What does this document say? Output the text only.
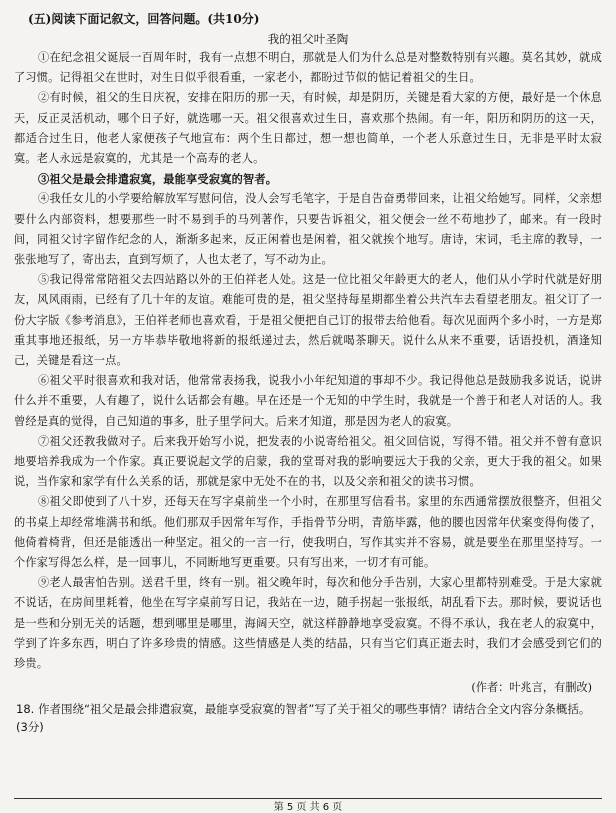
(五)阅读下面记叙文，回答问题。(共10分)
我的祖父叶圣陶

①在纪念祖父诞辰一百周年时，我有一点想不明白，那就是人们为什么总是对整数特别有兴趣。莫名其妙，就成了习惯。记得祖父在世时，对生日似乎很看重，一家老小，都盼过节似的惦记着祖父的生日。

②有时候，祖父的生日庆祝，安排在阳历的那一天，有时候，却是阴历，关键是看大家的方便，最好是一个休息天，反正灵活机动，哪个日子好，就选哪一天。祖父很喜欢过生日，喜欢那个热闹。有一年，阳历和阴历的这一天，都适合过生日，他老人家便孩子气地宣布：两个生日都过，想一想也简单，一个老人乐意过生日，无非是平时太寂寞。老人永远是寂寞的，尤其是一个高寿的老人。

③祖父是最会排遣寂寞，最能享受寂寞的智者。

④我任女儿的小学要给解放军写慰问信，没人会写毛笔字，于是自告奋勇带回来，让祖父给她写。同样，父亲想要什么内部资料，想要那些一时不易到手的马列著作，只要告诉祖父，祖父便会一丝不苟地抄了，邮来。有一段时间，同祖父讨字留作纪念的人，渐渐多起来，反正闲着也是闲着，祖父就挨个地写。唐诗，宋词，毛主席的教导，一张张地写了，寄出去，直到写烦了，人也太老了，写不动为止。

⑤我记得常常陪祖父去四站路以外的王伯祥老人处。这是一位比祖父年龄更大的老人，他们从小学时代就是好朋友，风风雨雨，已经有了几十年的友谊。难能可贵的是，祖父坚持每星期都坐着公共汽车去看望老朋友。祖父订了一份大字版《参考消息》，王伯祥老师也喜欢看，于是祖父便把自己订的报带去给他看。每次见面两个多小时，一方是郑重其事地还报纸，另一方毕恭毕敬地将新的报纸递过去，然后就喝茶聊天。说什么从来不重要，话语投机，酒逢知己，关键是看这一点。

⑥祖父平时很喜欢和我对话，他常常表扬我，说我小小年纪知道的事却不少。我记得他总是鼓励我多说话，说讲什么并不重要，人有趣了，说什么话都会有趣。早在还是一个无知的中学生时，我就是一个善于和老人对话的人。我曾经是真的觉得，自己知道的事多，肚子里学问大。后来才知道，那是因为老人的寂寞。

⑦祖父还教我做对子。后来我开始写小说，把发表的小说寄给祖父。祖父回信说，写得不错。祖父并不曾有意识地要培养我成为一个作家。真正要说起文学的启蒙，我的堂哥对我的影响要远大于我的父亲，更大于我的祖父。如果说，当作家和家学有什么关系的话，那就是家中无处不在的书，以及父亲和祖父的读书习惯。

⑧祖父即使到了八十岁，还每天在写字桌前坐一个小时，在那里写信看书。家里的东西通常摆放很整齐，但祖父的书桌上却经常堆满书和纸。他们那双手因常年写作，手指骨节分明，青筋毕露，他的腰也因常年伏案变得佝偻了，他倚着椅背，但还是能透出一种坚定。祖父的一言一行，使我明白，写作其实并不容易，就是要坐在那里坚持写。一个作家写得怎么样，是一回事儿，不同断地写更重要。只有写出来，一切才有可能。

⑨老人最害怕告别。送君千里，终有一别。祖父晚年时，每次和他分手告别，大家心里都特别难受。于是大家就不说话，在房间里耗着，他坐在写字桌前写日记，我站在一边，随手拐起一张报纸，胡乱看下去。那时候，要说话也是一些和分别无关的话题，想到哪里是哪里，海阔天空，就这样静静地享受寂寞。不得不承认，我在老人的寂寞中，学到了许多东西，明白了许多珍贵的情感。这些情感是人类的结晶，只有当它们真正逝去时，我们才会感受到它们的珍贵。

(作者：叶兆言，有删改)
18. 作者围绕“祖父是最会排遣寂寞，最能享受寂寞的智者”写了关于祖父的哪些事情？请结合全文内容分条概括。(3分)
第 5 页 共 6 页
